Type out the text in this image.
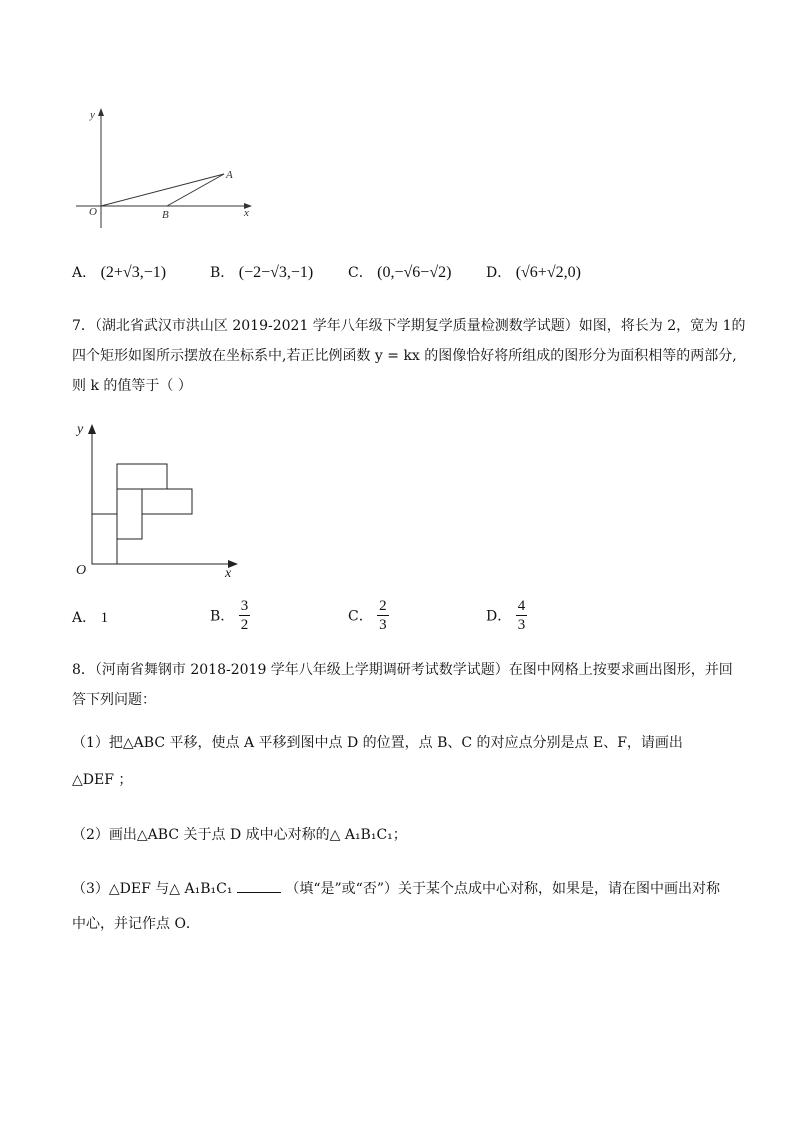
y
x
O
A
B
A． (2+√3,−1)	B． (−2−√3,−1) C． (0,−√6−√2) D． (√6+√2,0)
7．（湖北省武汉市洪山区 2019-2021 学年八年级下学期复学质量检测数学试题）如图，将长为 2，宽为 1的
四个矩形如图所示摆放在坐标系中,若正比例函数 y = kx 的图像恰好将所组成的图形分为面积相等的两部分,
则 k 的值等于（ ）
y
x
O
A． 1	B． $\frac{3}{2}$	C． $\frac{2}{3}$	D． $\frac{4}{3}$
8．（河南省舞钢市 2018-2019 学年八年级上学期调研考试数学试题）在图中网格上按要求画出图形，并回
答下列问题：
（1）把△ABC 平移，使点 A 平移到图中点 D 的位置，点 B、C 的对应点分别是点 E、F，请画出
△DEF ；
（2）画出△ABC 关于点 D 成中心对称的△ A₁B₁C₁；
（3）△DEF 与△ A₁B₁C₁	（填“是”或“否”）关于某个点成中心对称，如果是，请在图中画出对称
中心，并记作点 O．
